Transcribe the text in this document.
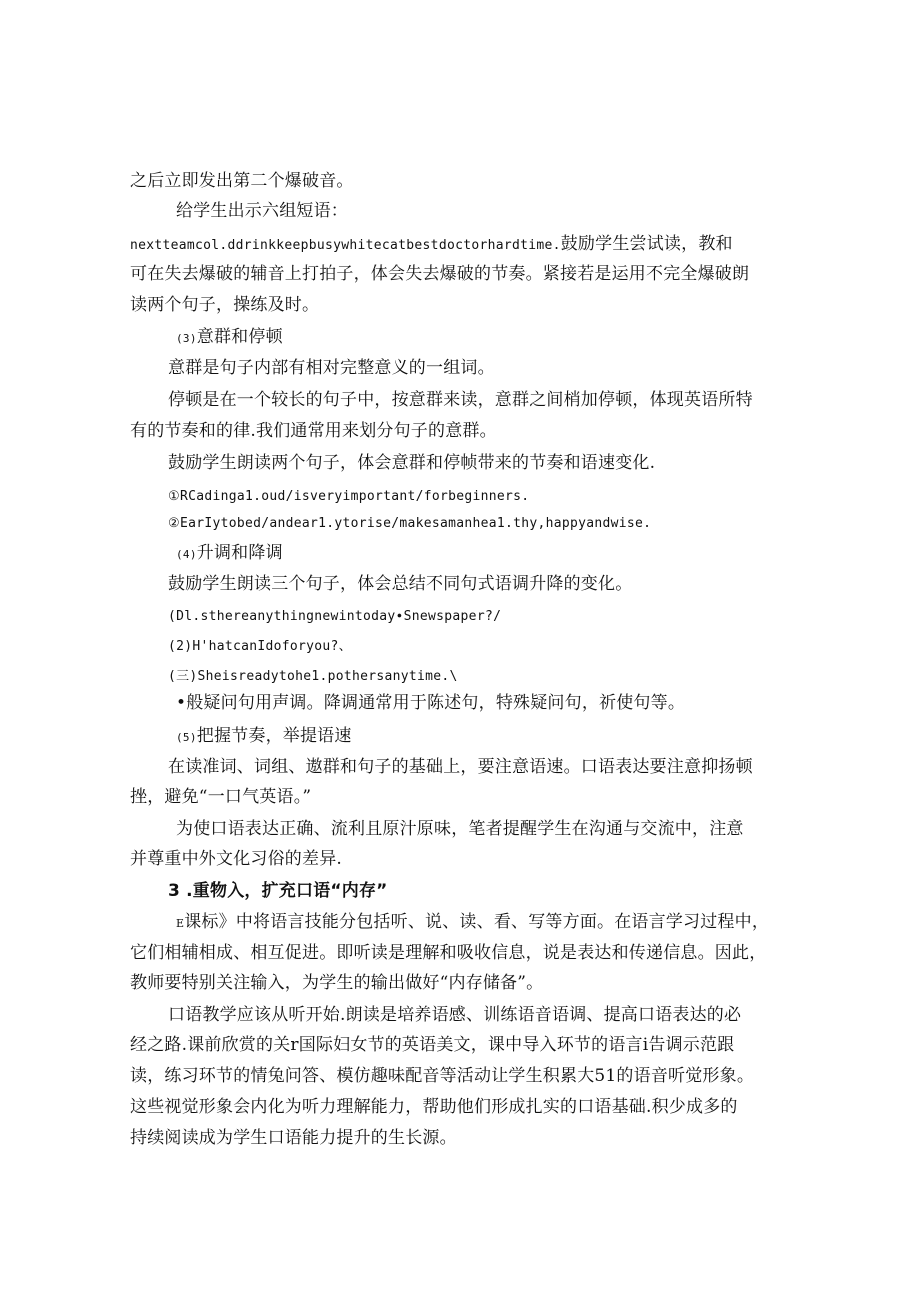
之后立即发出第二个爆破音。
给学生出示六组短语：
nextteamcol.ddrinkkeepbusywhitecatbestdoctorhardtime.鼓励学生尝试读，教和
可在失去爆破的辅音上打拍子，体会失去爆破的节奏。紧接若是运用不完全爆破朗
读两个句子，操练及时。
(3)意群和停顿
意群是句子内部有相对完整意义的一组词。
停顿是在一个较长的句子中，按意群来读，意群之间梢加停顿，体现英语所特
有的节奏和的律.我们通常用来划分句子的意群。
鼓励学生朗读两个句子，体会意群和停帧带来的节奏和语速变化.
①RCadinga1.oud/isveryimportant/forbeginners.
②EarIytobed/andear1.ytorise/makesamanhea1.thy,happyandwise.
(4)升调和降调
鼓励学生朗读三个句子，体会总结不同句式语调升降的变化。
(Dl.sthereanythingnewintoday∙Snewspaper?/
(2)H'hatcanIdoforyou?、
(三)Sheisreadytohe1.pothersanytime.\
•般疑问句用声调。降调通常用于陈述句，特殊疑问句，祈使句等。
(5)把握节奏，举提语速
在读准词、词组、遨群和句子的基础上，要注意语速。口语表达要注意抑扬顿
挫，避免“一口气英语。”
为使口语表达正确、流利且原汁原味，笔者提醒学生在沟通与交流中，注意
并尊重中外文化习俗的差异.
3 .重物入，扩充口语“内存”
E课标》中将语言技能分包括听、说、读、看、写等方面。在语言学习过程中，
它们相辅相成、相互促进。即听读是理解和吸收信息，说是表达和传递信息。因此，
教师要特别关注输入，为学生的输出做好“内存储备”。
口语教学应该从听开始.朗读是培养语感、训练语音语调、提高口语表达的必
经之路.课前欣赏的关r国际妇女节的英语美文，课中导入环节的语言i告调示范跟
读，练习环节的情兔问答、模仿趣味配音等活动让学生积累大51的语音听觉形象。
这些视觉形象会内化为听力理解能力，帮助他们形成扎实的口语基础.积少成多的
持续阅读成为学生口语能力提升的生长源。
